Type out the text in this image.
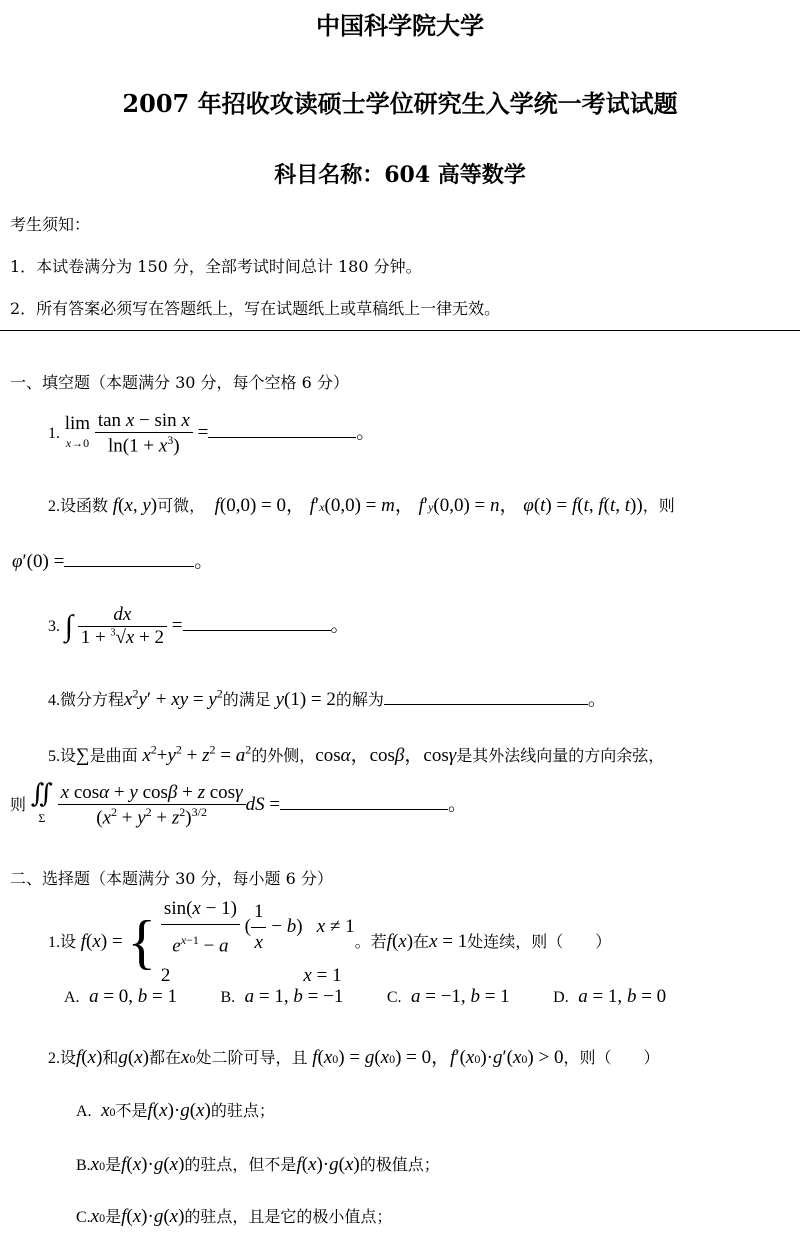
中国科学院大学
2007 年招收攻读硕士学位研究生入学统一考试试题
科目名称：604 高等数学
考生须知：
1．本试卷满分为 150 分，全部考试时间总计 180 分钟。
2．所有答案必须写在答题纸上，写在试题纸上或草稿纸上一律无效。
一、填空题（本题满分 30 分，每个空格 6 分）
1. lim
$x\to 0 \frac{\text{tan x − sin x}}{\ln(1 + x^3)}$ =	。
2.设函数 f(x, y)可微， f(0,0) = 0， f′x(0,0) = m， f′y(0,0) = n， φ(t) = f(t, f(t, t))，则
φ′(0) =	。
3. ∫ $\frac{dx}{1 + ^3√x + 2}$ =	。
4.微分方程$x^2y'$ + xy = $y^2$的满足 y(1) = 2的解为	。
5.设∑是曲面 $x^2+y^2 + z^2 = a^2$的外侧，cosα，cosβ，cosγ是其外法线向量的方向余弦，
则 ∬
Σ $\frac{\text{x cosα + y cosβ + z cosγ}}{(x^2 + y^2 + z^2)^{3/2}}$ dS =	。
二、选择题（本题满分 30 分，每小题 6 分）
1.设 f(x) = { $\frac{\sin(x - 1)}{e^{x-1} - a}$ ( $\frac{1}{x} - b$)   x ≠ 1
2                            x = 1。若f(x)在x = 1处连续，则（　　）
A. a = 0, b = 1	B. a = 1, b = −1	C. a = −1, b = 1	D. a = 1, b = 0
2.设f(x)和g(x)都在x0处二阶可导，且 f(x0) = g(x0) = 0，f′(x0)·g′(x0) > 0，则（　　）
A. x0不是f(x)·g(x)的驻点；
B.x0是f(x)·g(x)的驻点，但不是f(x)·g(x)的极值点；
C.x0是f(x)·g(x)的驻点，且是它的极小值点；
